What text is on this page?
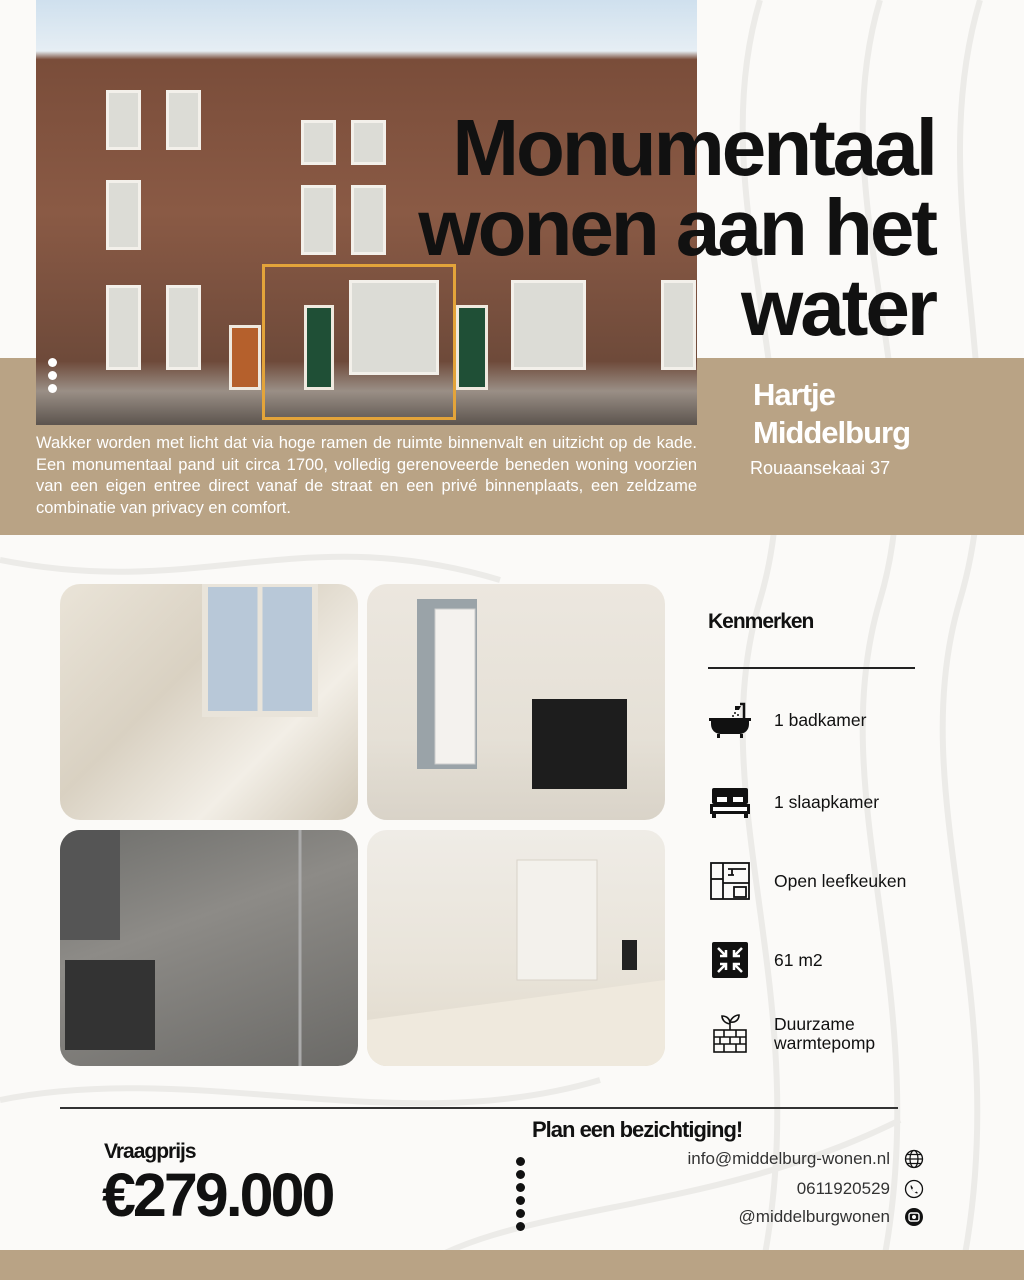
Monumentaal
wonen aan het
water
Hartje
Middelburg
Rouaansekaai 37
Wakker worden met licht dat via hoge ramen de ruimte binnenvalt en uitzicht op de kade. Een monumentaal pand uit circa 1700, volledig gerenoveerde beneden woning voorzien van een eigen entree direct vanaf de straat en een privé binnenplaats, een zeldzame combinatie van privacy en comfort.
Kenmerken
1 badkamer
1 slaapkamer
Open leefkeuken
61 m2
Duurzame warmtepomp
Vraagprijs
€279.000
Plan een bezichtiging!
info@middelburg-wonen.nl
0611920529
@middelburgwonen
